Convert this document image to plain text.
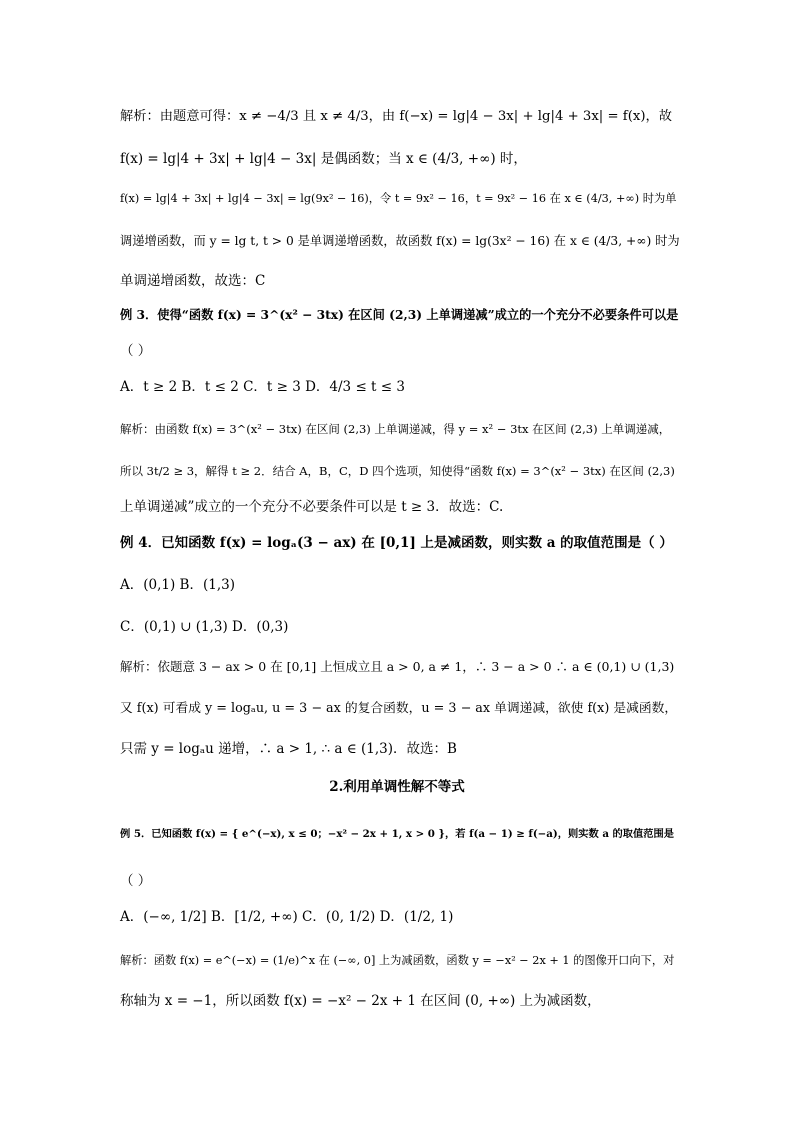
解析：由题意可得：x ≠ −4/3 且 x ≠ 4/3，由 f(−x) = lg|4 − 3x| + lg|4 + 3x| = f(x)，故
f(x) = lg|4 + 3x| + lg|4 − 3x| 是偶函数；当 x ∈ (4/3, +∞) 时，
f(x) = lg|4 + 3x| + lg|4 − 3x| = lg(9x² − 16)，令 t = 9x² − 16，t = 9x² − 16 在 x ∈ (4/3, +∞) 时为单
调递增函数，而 y = lg t, t > 0 是单调递增函数，故函数 f(x) = lg(3x² − 16) 在 x ∈ (4/3, +∞) 时为
单调递增函数，故选：C
例 3．使得“函数 f(x) = 3^(x² − 3tx) 在区间 (2,3) 上单调递减”成立的一个充分不必要条件可以是
（ ）
A．t ≥ 2 B．t ≤ 2 C．t ≥ 3 D．4/3 ≤ t ≤ 3
解析：由函数 f(x) = 3^(x² − 3tx) 在区间 (2,3) 上单调递减，得 y = x² − 3tx 在区间 (2,3) 上单调递减，
所以 3t/2 ≥ 3，解得 t ≥ 2．结合 A，B，C，D 四个选项，知使得“函数 f(x) = 3^(x² − 3tx) 在区间 (2,3)
上单调递减”成立的一个充分不必要条件可以是 t ≥ 3．故选：C.
例 4．已知函数 f(x) = logₐ(3 − ax) 在 [0,1] 上是减函数，则实数 a 的取值范围是（ ）
A．(0,1) B．(1,3)
C．(0,1) ∪ (1,3) D．(0,3)
解析：依题意 3 − ax > 0 在 [0,1] 上恒成立且 a > 0, a ≠ 1，∴ 3 − a > 0 ∴ a ∈ (0,1) ∪ (1,3)
又 f(x) 可看成 y = logₐu, u = 3 − ax 的复合函数，u = 3 − ax 单调递减，欲使 f(x) 是减函数，
只需 y = logₐu 递增，∴ a > 1, ∴ a ∈ (1,3)．故选：B
2.利用单调性解不等式
例 5．已知函数 f(x) = { e^(−x), x ≤ 0；−x² − 2x + 1, x > 0 }，若 f(a − 1) ≥ f(−a)，则实数 a 的取值范围是
（ ）
A．(−∞, 1/2] B．[1/2, +∞) C．(0, 1/2) D．(1/2, 1)
解析：函数 f(x) = e^(−x) = (1/e)^x 在 (−∞, 0] 上为减函数，函数 y = −x² − 2x + 1 的图像开口向下，对
称轴为 x = −1，所以函数 f(x) = −x² − 2x + 1 在区间 (0, +∞) 上为减函数，
